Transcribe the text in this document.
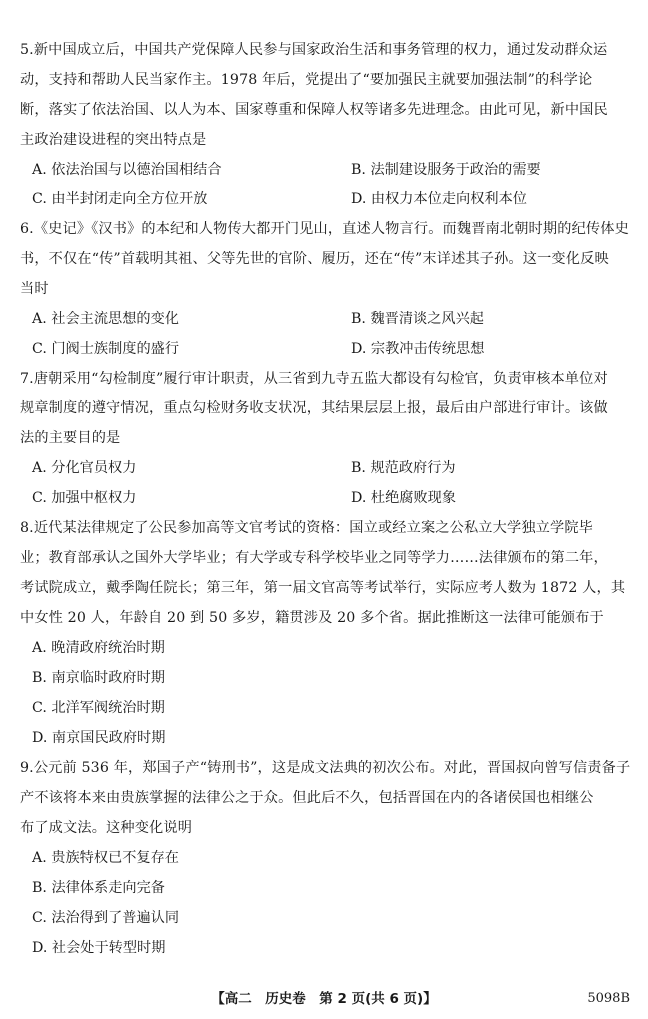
5.新中国成立后，中国共产党保障人民参与国家政治生活和事务管理的权力，通过发动群众运
动，支持和帮助人民当家作主。1978 年后，党提出了“要加强民主就要加强法制”的科学论
断，落实了依法治国、以人为本、国家尊重和保障人权等诸多先进理念。由此可见，新中国民
主政治建设进程的突出特点是
A. 依法治国与以德治国相结合	B. 法制建设服务于政治的需要
C. 由半封闭走向全方位开放	D. 由权力本位走向权利本位
6.《史记》《汉书》的本纪和人物传大都开门见山，直述人物言行。而魏晋南北朝时期的纪传体史
书，不仅在“传”首载明其祖、父等先世的官阶、履历，还在“传”末详述其子孙。这一变化反映
当时
A. 社会主流思想的变化	B. 魏晋清谈之风兴起
C. 门阀士族制度的盛行	D. 宗教冲击传统思想
7.唐朝采用“勾检制度”履行审计职责，从三省到九寺五监大都设有勾检官，负责审核本单位对
规章制度的遵守情况，重点勾检财务收支状况，其结果层层上报，最后由户部进行审计。该做
法的主要目的是
A. 分化官员权力	B. 规范政府行为
C. 加强中枢权力	D. 杜绝腐败现象
8.近代某法律规定了公民参加高等文官考试的资格：国立或经立案之公私立大学独立学院毕
业；教育部承认之国外大学毕业；有大学或专科学校毕业之同等学力……法律颁布的第二年，
考试院成立，戴季陶任院长；第三年，第一届文官高等考试举行，实际应考人数为 1872 人，其
中女性 20 人，年龄自 20 到 50 多岁，籍贯涉及 20 多个省。据此推断这一法律可能颁布于
A. 晚清政府统治时期
B. 南京临时政府时期
C. 北洋军阀统治时期
D. 南京国民政府时期
9.公元前 536 年，郑国子产“铸刑书”，这是成文法典的初次公布。对此，晋国叔向曾写信责备子
产不该将本来由贵族掌握的法律公之于众。但此后不久，包括晋国在内的各诸侯国也相继公
布了成文法。这种变化说明
A. 贵族特权已不复存在
B. 法律体系走向完备
C. 法治得到了普遍认同
D. 社会处于转型时期
【高二　历史卷　第 2 页(共 6 页)】	5098B
